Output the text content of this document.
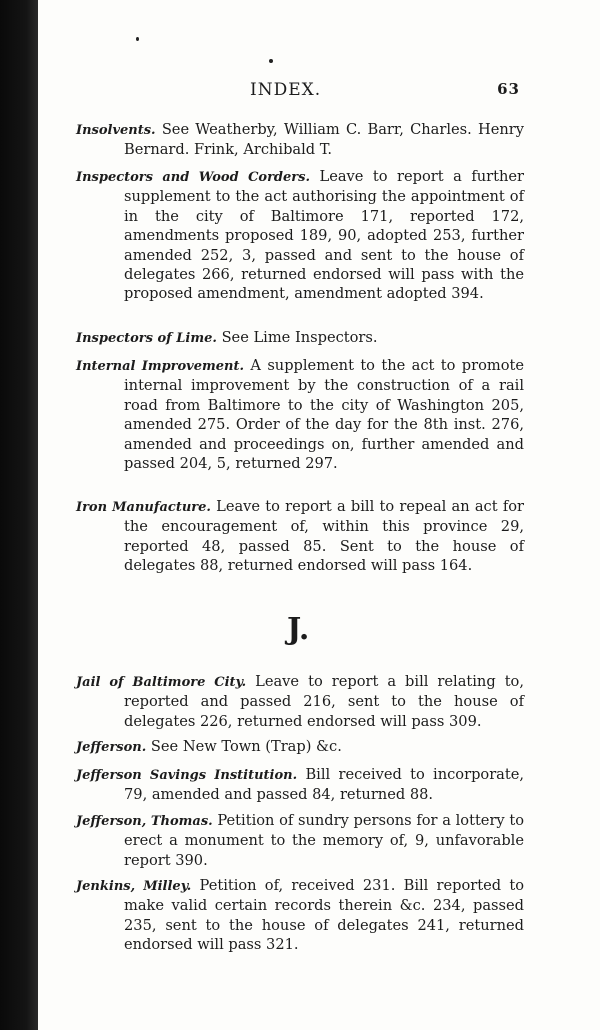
INDEX.	63
Insolvents. See Weatherby, William C. Barr, Charles. Henry Bernard. Frink, Archibald T.
Inspectors and Wood Corders. Leave to report a further supplement to the act authorising the appointment of in the city of Baltimore 171, reported 172, amendments proposed 189, 90, adopted 253, further amended 252, 3, passed and sent to the house of delegates 266, returned endorsed will pass with the proposed amendment, amendment adopted 394.
Inspectors of Lime. See Lime Inspectors.
Internal Improvement. A supplement to the act to promote internal improvement by the construction of a rail road from Baltimore to the city of Washington 205, amended 275. Order of the day for the 8th inst. 276, amended and proceedings on, further amended and passed 204, 5, returned 297.
Iron Manufacture. Leave to report a bill to repeal an act for the encouragement of, within this province 29, reported 48, passed 85. Sent to the house of delegates 88, returned endorsed will pass 164.
J.
Jail of Baltimore City. Leave to report a bill relating to, reported and passed 216, sent to the house of delegates 226, returned endorsed will pass 309.
Jefferson. See New Town (Trap) &c.
Jefferson Savings Institution. Bill received to incorporate, 79, amended and passed 84, returned 88.
Jefferson, Thomas. Petition of sundry persons for a lottery to erect a monument to the memory of, 9, unfavorable report 390.
Jenkins, Milley. Petition of, received 231. Bill reported to make valid certain records therein &c. 234, passed 235, sent to the house of delegates 241, returned endorsed will pass 321.
